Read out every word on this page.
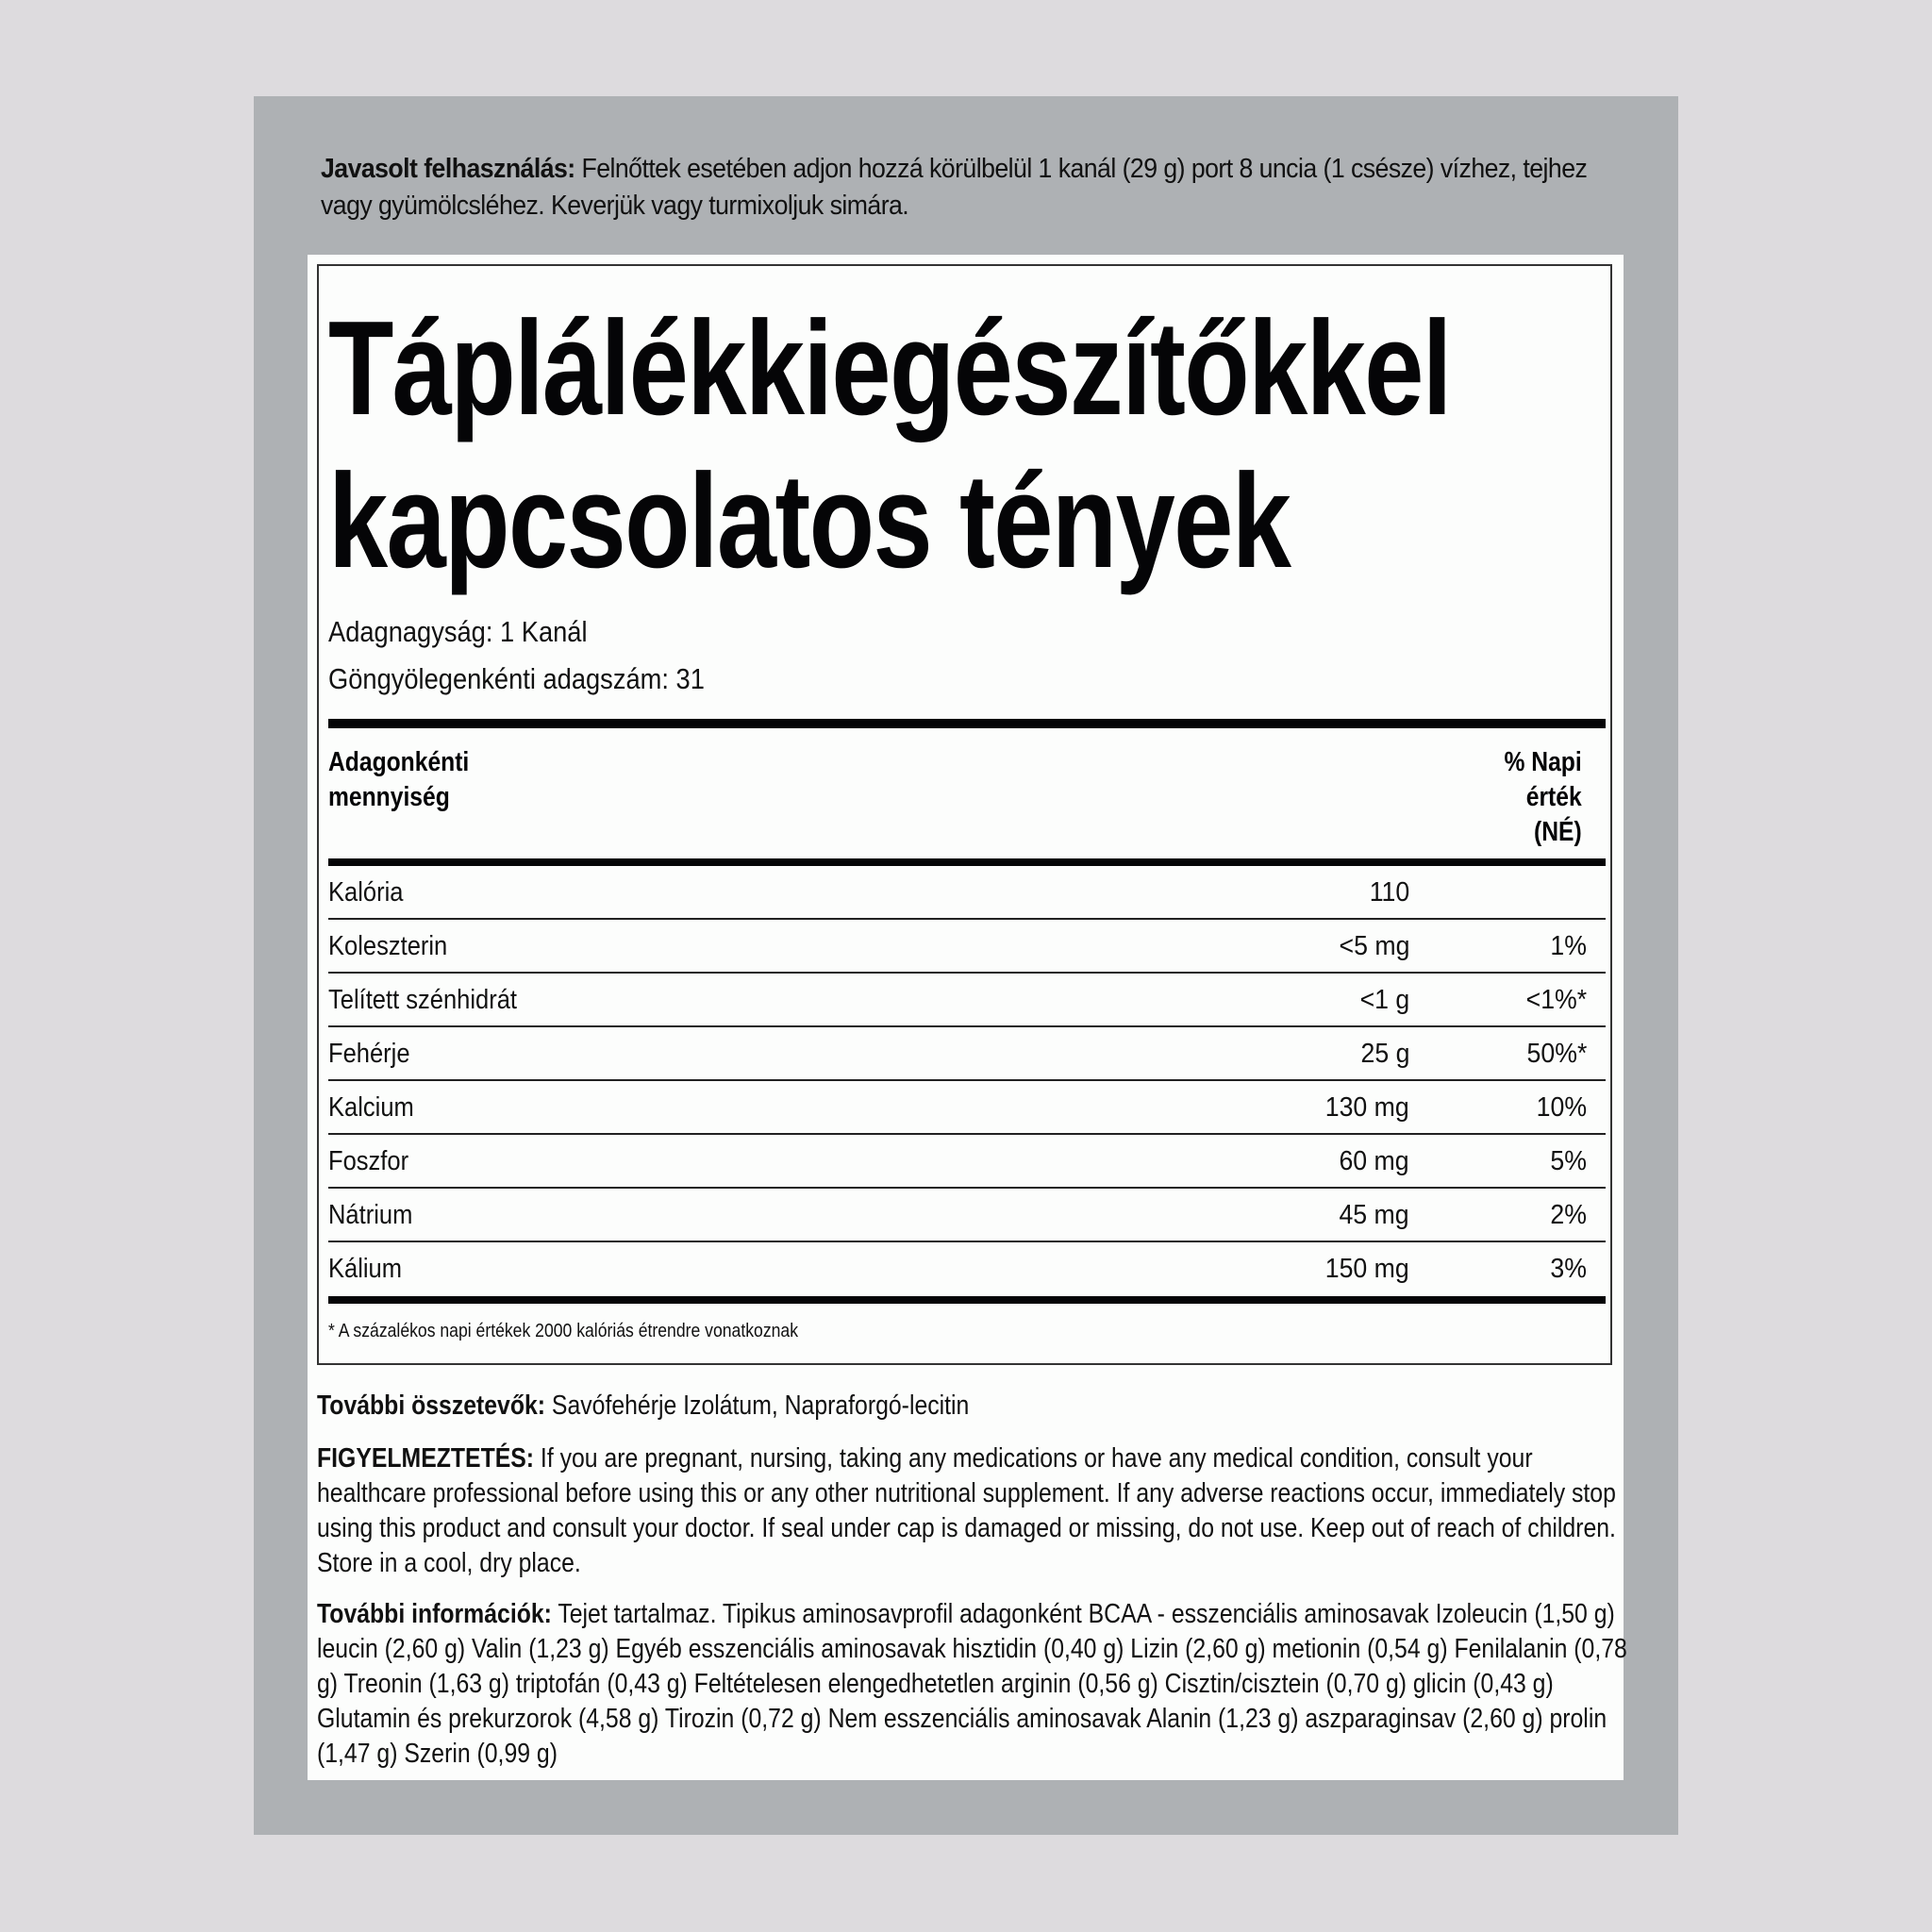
Javasolt felhasználás: Felnőttek esetében adjon hozzá körülbelül 1 kanál (29 g) port 8 uncia (1 csésze) vízhez, tejhez vagy gyümölcsléhez. Keverjük vagy turmixoljuk simára.
Táplálékkiegészítőkkel
kapcsolatos tények
Adagnagyság: 1 Kanál
Göngyölegenkénti adagszám: 31
Adagonkénti
mennyiség
% Napi
érték
(NÉ)
Kalória	110
Koleszterin	<5 mg	1%
Telített szénhidrát	<1 g	<1%*
Fehérje	25 g	50%*
Kalcium	130 mg	10%
Foszfor	60 mg	5%
Nátrium	45 mg	2%
Kálium	150 mg	3%
* A százalékos napi értékek 2000 kalóriás étrendre vonatkoznak
További összetevők: Savófehérje Izolátum, Napraforgó-lecitin
FIGYELMEZTETÉS: If you are pregnant, nursing, taking any medications or have any medical condition, consult your healthcare professional before using this or any other nutritional supplement. If any adverse reactions occur, immediately stop using this product and consult your doctor. If seal under cap is damaged or missing, do not use. Keep out of reach of children. Store in a cool, dry place.
További információk: Tejet tartalmaz. Tipikus aminosavprofil adagonként BCAA - esszenciális aminosavak Izoleucin (1,50 g) leucin (2,60 g) Valin (1,23 g) Egyéb esszenciális aminosavak hisztidin (0,40 g) Lizin (2,60 g) metionin (0,54 g) Fenilalanin (0,78 g) Treonin (1,63 g) triptofán (0,43 g) Feltételesen elengedhetetlen arginin (0,56 g) Cisztin/cisztein (0,70 g) glicin (0,43 g) Glutamin és prekurzorok (4,58 g) Tirozin (0,72 g) Nem esszenciális aminosavak Alanin (1,23 g) aszparaginsav (2,60 g) prolin (1,47 g) Szerin (0,99 g)
